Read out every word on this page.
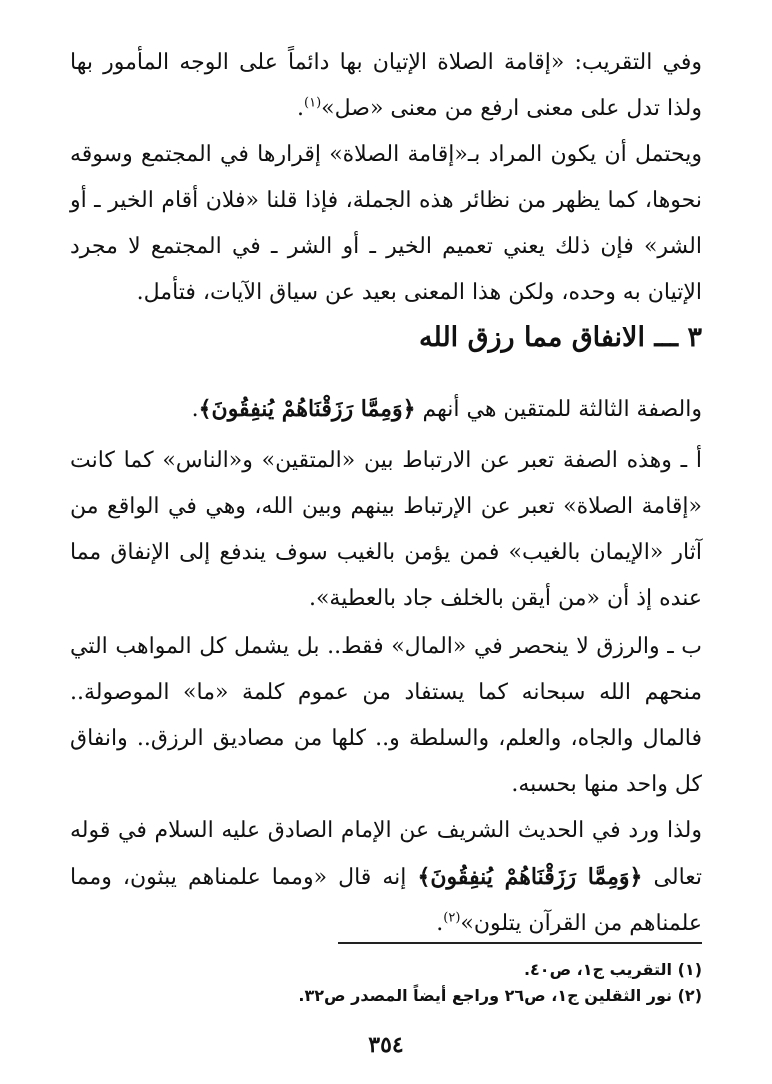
وفي التقريب: «إقامة الصلاة الإتيان بها دائماً على الوجه المأمور بها ولذا تدل على معنى ارفع من معنى «صل»$^{(١)}$.

ويحتمل أن يكون المراد بـ«إقامة الصلاة» إقرارها في المجتمع وسوقه نحوها، كما يظهر من نظائر هذه الجملة، فإذا قلنا «فلان أقام الخير ـ أو الشر» فإن ذلك يعني تعميم الخير ـ أو الشر ـ في المجتمع لا مجرد الإتيان به وحده، ولكن هذا المعنى بعيد عن سياق الآيات، فتأمل.

٣ ـــ الانفاق مما رزق الله

والصفة الثالثة للمتقين هي أنهم ﴿وَمِمَّا رَزَقْنَاهُمْ يُنفِقُونَ﴾.

أ ـ وهذه الصفة تعبر عن الارتباط بين «المتقين» و«الناس» كما كانت «إقامة الصلاة» تعبر عن الإرتباط بينهم وبين الله، وهي في الواقع من آثار «الإيمان بالغيب» فمن يؤمن بالغيب سوف يندفع إلى الإنفاق مما عنده إذ أن «من أيقن بالخلف جاد بالعطية».

ب ـ والرزق لا ينحصر في «المال» فقط.. بل يشمل كل المواهب التي منحهم الله سبحانه كما يستفاد من عموم كلمة «ما» الموصولة.. فالمال والجاه، والعلم، والسلطة و.. كلها من مصاديق الرزق.. وانفاق كل واحد منها بحسبه.

ولذا ورد في الحديث الشريف عن الإمام الصادق عليه السلام في قوله تعالى ﴿وَمِمَّا رَزَقْنَاهُمْ يُنفِقُونَ﴾ إنه قال «ومما علمناهم يبثون، ومما علمناهم من القرآن يتلون»$^{(٢)}$.

(١) التقريب ج١، ص٤٠.
(٢) نور الثقلين ج١، ص٢٦ وراجع أيضاً المصدر ص٣٢.
٣٥٤
